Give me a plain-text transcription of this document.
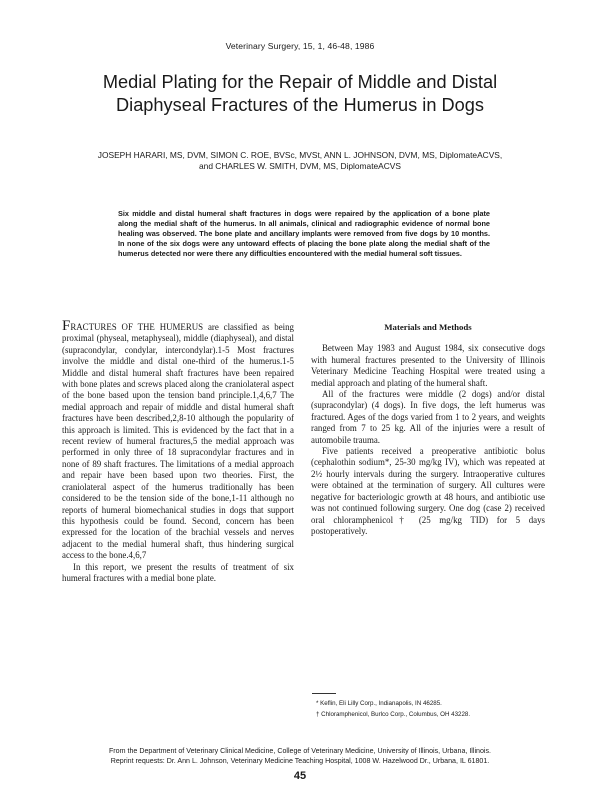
Veterinary Surgery, 15, 1, 46-48, 1986
Medial Plating for the Repair of Middle and Distal
Diaphyseal Fractures of the Humerus in Dogs
JOSEPH HARARI, MS, DVM, SIMON C. ROE, BVSc, MVSt, ANN L. JOHNSON, DVM, MS, DiplomateACVS,
and CHARLES W. SMITH, DVM, MS, DiplomateACVS

Six middle and distal humeral shaft fractures in dogs were repaired by the application of a bone plate along the medial shaft of the humerus. In all animals, clinical and radiographic evidence of normal bone healing was observed. The bone plate and ancillary implants were removed from five dogs by 10 months. In none of the six dogs were any untoward effects of placing the bone plate along the medial shaft of the humerus detected nor were there any difficulties encountered with the medial humeral soft tissues.

FRACTURES OF THE HUMERUS are classified as being proximal (physeal, metaphyseal), middle (diaphyseal), and distal (supracondylar, condylar, intercondylar).1-5 Most fractures involve the middle and distal one-third of the humerus.1-5 Middle and distal humeral shaft fractures have been repaired with bone plates and screws placed along the craniolateral aspect of the bone based upon the tension band principle.1,4,6,7 The medial approach and repair of middle and distal humeral shaft fractures have been described,2,8-10 although the popularity of this approach is limited. This is evidenced by the fact that in a recent review of humeral fractures,5 the medial approach was performed in only three of 18 supracondylar fractures and in none of 89 shaft fractures. The limitations of a medial approach and repair have been based upon two theories. First, the craniolateral aspect of the humerus traditionally has been considered to be the tension side of the bone,1-11 although no reports of humeral biomechanical studies in dogs that support this hypothesis could be found. Second, concern has been expressed for the location of the brachial vessels and nerves adjacent to the medial humeral shaft, thus hindering surgical access to the bone.4,6,7

In this report, we present the results of treatment of six humeral fractures with a medial bone plate.

Materials and Methods

Between May 1983 and August 1984, six consecutive dogs with humeral fractures presented to the University of Illinois Veterinary Medicine Teaching Hospital were treated using a medial approach and plating of the humeral shaft.

All of the fractures were middle (2 dogs) and/or distal (supracondylar) (4 dogs). In five dogs, the left humerus was fractured. Ages of the dogs varied from 1 to 2 years, and weights ranged from 7 to 25 kg. All of the injuries were a result of automobile trauma.

Five patients received a preoperative antibiotic bolus (cephalothin sodium*, 25-30 mg/kg IV), which was repeated at 2½ hourly intervals during the surgery. Intraoperative cultures were obtained at the termination of surgery. All cultures were negative for bacteriologic growth at 48 hours, and antibiotic use was not continued following surgery. One dog (case 2) received oral chloramphenicol† (25 mg/kg TID) for 5 days postoperatively.

* Keflin, Eli Lilly Corp., Indianapolis, IN 46285.
† Chloramphenicol, Burlco Corp., Columbus, OH 43228.
From the Department of Veterinary Clinical Medicine, College of Veterinary Medicine, University of Illinois, Urbana, Illinois.
Reprint requests: Dr. Ann L. Johnson, Veterinary Medicine Teaching Hospital, 1008 W. Hazelwood Dr., Urbana, IL 61801.
45
